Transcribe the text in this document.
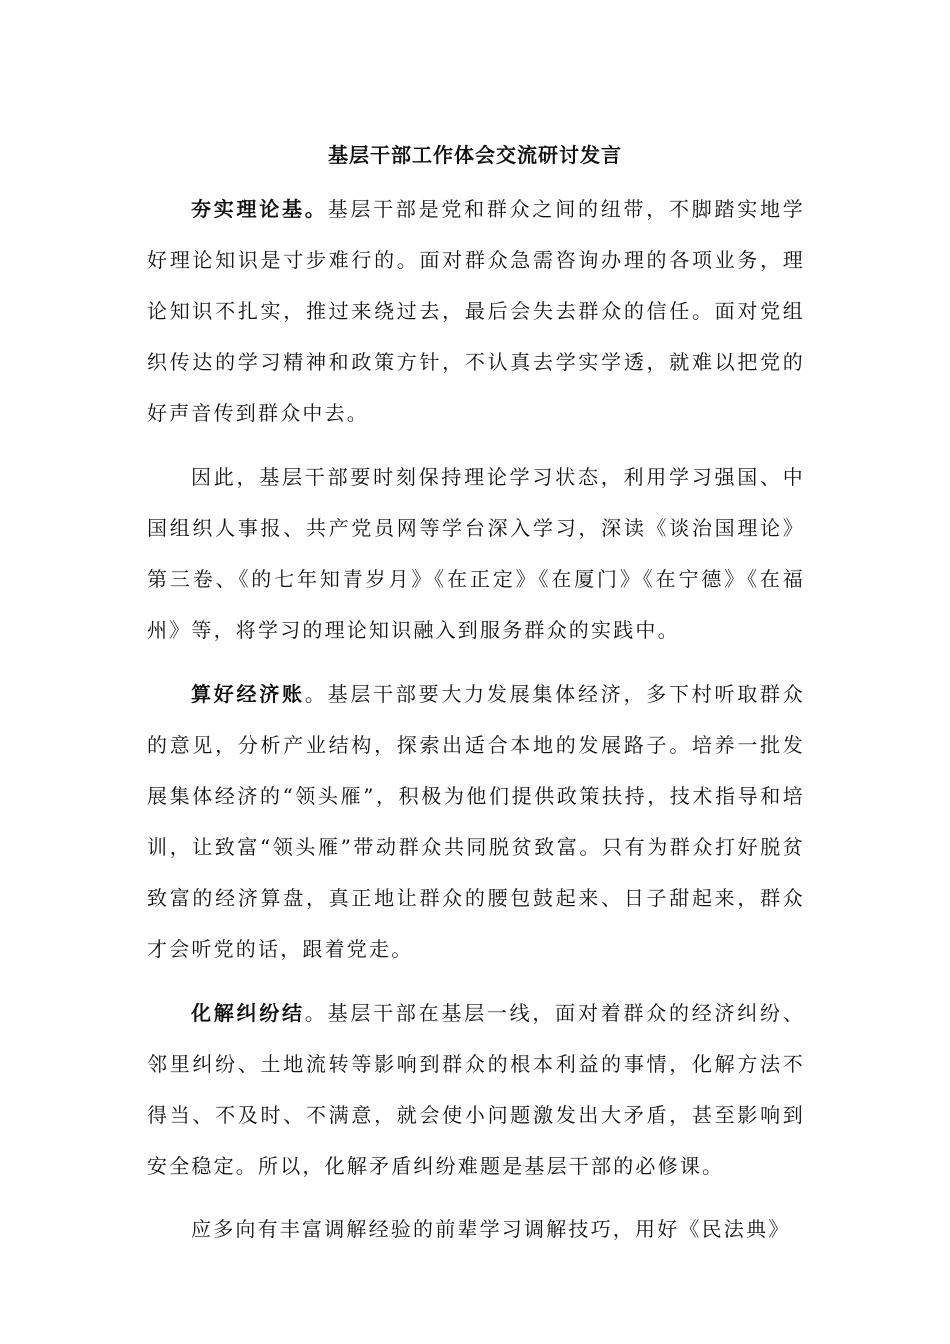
基层干部工作体会交流研讨发言

夯实理论基。基层干部是党和群众之间的纽带，不脚踏实地学好理论知识是寸步难行的。面对群众急需咨询办理的各项业务，理论知识不扎实，推过来绕过去，最后会失去群众的信任。面对党组织传达的学习精神和政策方针，不认真去学实学透，就难以把党的好声音传到群众中去。

因此，基层干部要时刻保持理论学习状态，利用学习强国、中国组织人事报、共产党员网等学台深入学习，深读《谈治国理论》第三卷、《的七年知青岁月》《在正定》《在厦门》《在宁德》《在福州》等，将学习的理论知识融入到服务群众的实践中。

算好经济账。基层干部要大力发展集体经济，多下村听取群众的意见，分析产业结构，探索出适合本地的发展路子。培养一批发展集体经济的“领头雁”，积极为他们提供政策扶持，技术指导和培训，让致富“领头雁”带动群众共同脱贫致富。只有为群众打好脱贫致富的经济算盘，真正地让群众的腰包鼓起来、日子甜起来，群众才会听党的话，跟着党走。

化解纠纷结。基层干部在基层一线，面对着群众的经济纠纷、邻里纠纷、土地流转等影响到群众的根本利益的事情，化解方法不得当、不及时、不满意，就会使小问题激发出大矛盾，甚至影响到安全稳定。所以，化解矛盾纠纷难题是基层干部的必修课。

应多向有丰富调解经验的前辈学习调解技巧，用好《民法典》
